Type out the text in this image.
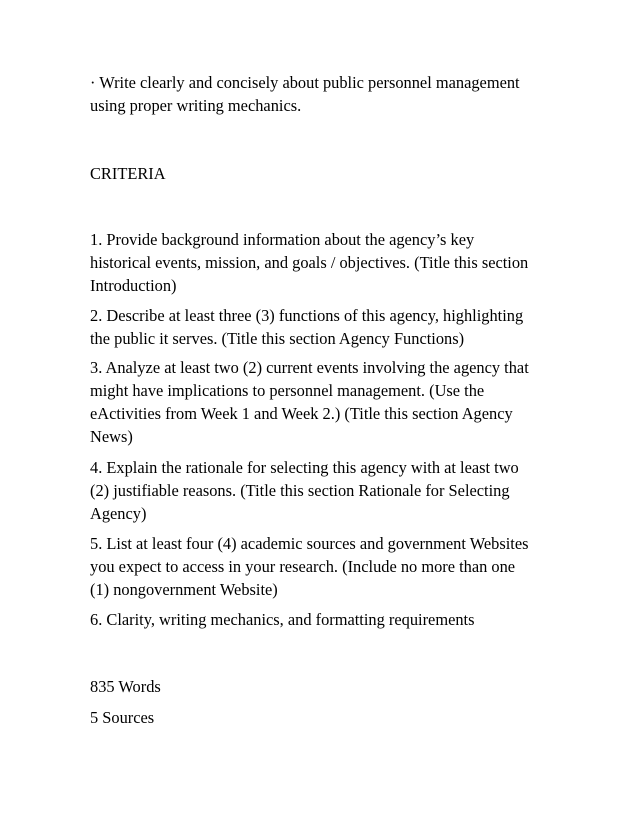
· Write clearly and concisely about public personnel management
using proper writing mechanics.

CRITERIA

1. Provide background information about the agency’s key
historical events, mission, and goals / objectives. (Title this section
Introduction)

2. Describe at least three (3) functions of this agency, highlighting
the public it serves. (Title this section Agency Functions)

3. Analyze at least two (2) current events involving the agency that
might have implications to personnel management. (Use the
eActivities from Week 1 and Week 2.) (Title this section Agency
News)

4. Explain the rationale for selecting this agency with at least two
(2) justifiable reasons. (Title this section Rationale for Selecting
Agency)

5. List at least four (4) academic sources and government Websites
you expect to access in your research. (Include no more than one
(1) nongovernment Website)

6. Clarity, writing mechanics, and formatting requirements

835 Words

5 Sources
